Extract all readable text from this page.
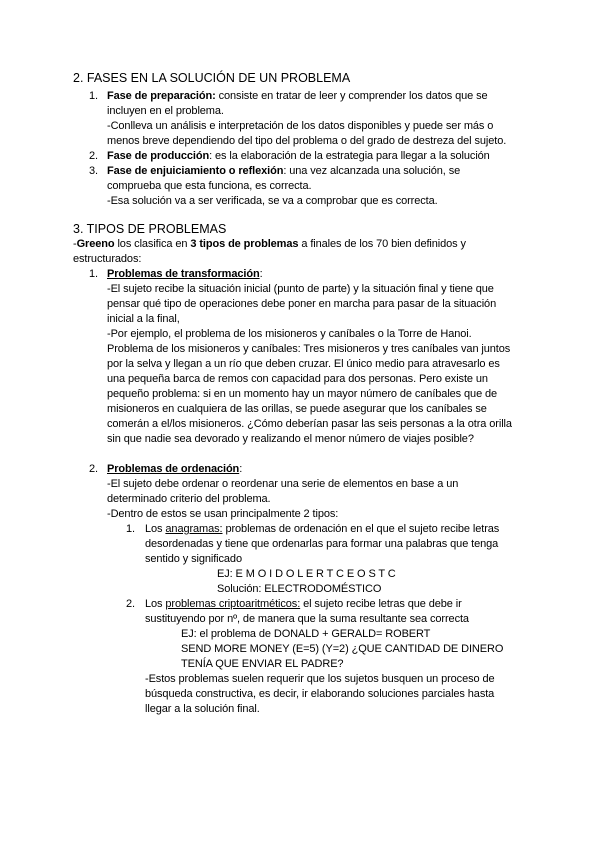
2. FASES EN LA SOLUCIÓN DE UN PROBLEMA
1. Fase de preparación: consiste en tratar de leer y comprender los datos que se
incluyen en el problema.
-Conlleva un análisis e interpretación de los datos disponibles y puede ser más o
menos breve dependiendo del tipo del problema o del grado de destreza del sujeto.
2. Fase de producción: es la elaboración de la estrategia para llegar a la solución
3. Fase de enjuiciamiento o reflexión: una vez alcanzada una solución, se
comprueba que esta funciona, es correcta.
-Esa solución va a ser verificada, se va a comprobar que es correcta.
3. TIPOS DE PROBLEMAS
-Greeno los clasifica en 3 tipos de problemas a finales de los 70 bien definidos y
estructurados:
1. Problemas de transformación:
-El sujeto recibe la situación inicial (punto de parte) y la situación final y tiene que
pensar qué tipo de operaciones debe poner en marcha para pasar de la situación
inicial a la final,
-Por ejemplo, el problema de los misioneros y caníbales o la Torre de Hanoi.
Problema de los misioneros y caníbales: Tres misioneros y tres caníbales van juntos
por la selva y llegan a un río que deben cruzar. El único medio para atravesarlo es
una pequeña barca de remos con capacidad para dos personas. Pero existe un
pequeño problema: si en un momento hay un mayor número de caníbales que de
misioneros en cualquiera de las orillas, se puede asegurar que los caníbales se
comerán a el/los misioneros. ¿Cómo deberían pasar las seis personas a la otra orilla
sin que nadie sea devorado y realizando el menor número de viajes posible?
2. Problemas de ordenación:
-El sujeto debe ordenar o reordenar una serie de elementos en base a un
determinado criterio del problema.
-Dentro de estos se usan principalmente 2 tipos:
1. Los anagramas: problemas de ordenación en el que el sujeto recibe letras
desordenadas y tiene que ordenarlas para formar una palabras que tenga
sentido y significado
EJ: E M O I D O L E R T C E O S T C
Solución: ELECTRODOMÉSTICO
2. Los problemas criptoaritméticos: el sujeto recibe letras que debe ir
sustituyendo por nº, de manera que la suma resultante sea correcta
EJ: el problema de DONALD + GERALD= ROBERT
SEND MORE MONEY (E=5) (Y=2) ¿QUE CANTIDAD DE DINERO
TENÍA QUE ENVIAR EL PADRE?
-Estos problemas suelen requerir que los sujetos busquen un proceso de
búsqueda constructiva, es decir, ir elaborando soluciones parciales hasta
llegar a la solución final.
